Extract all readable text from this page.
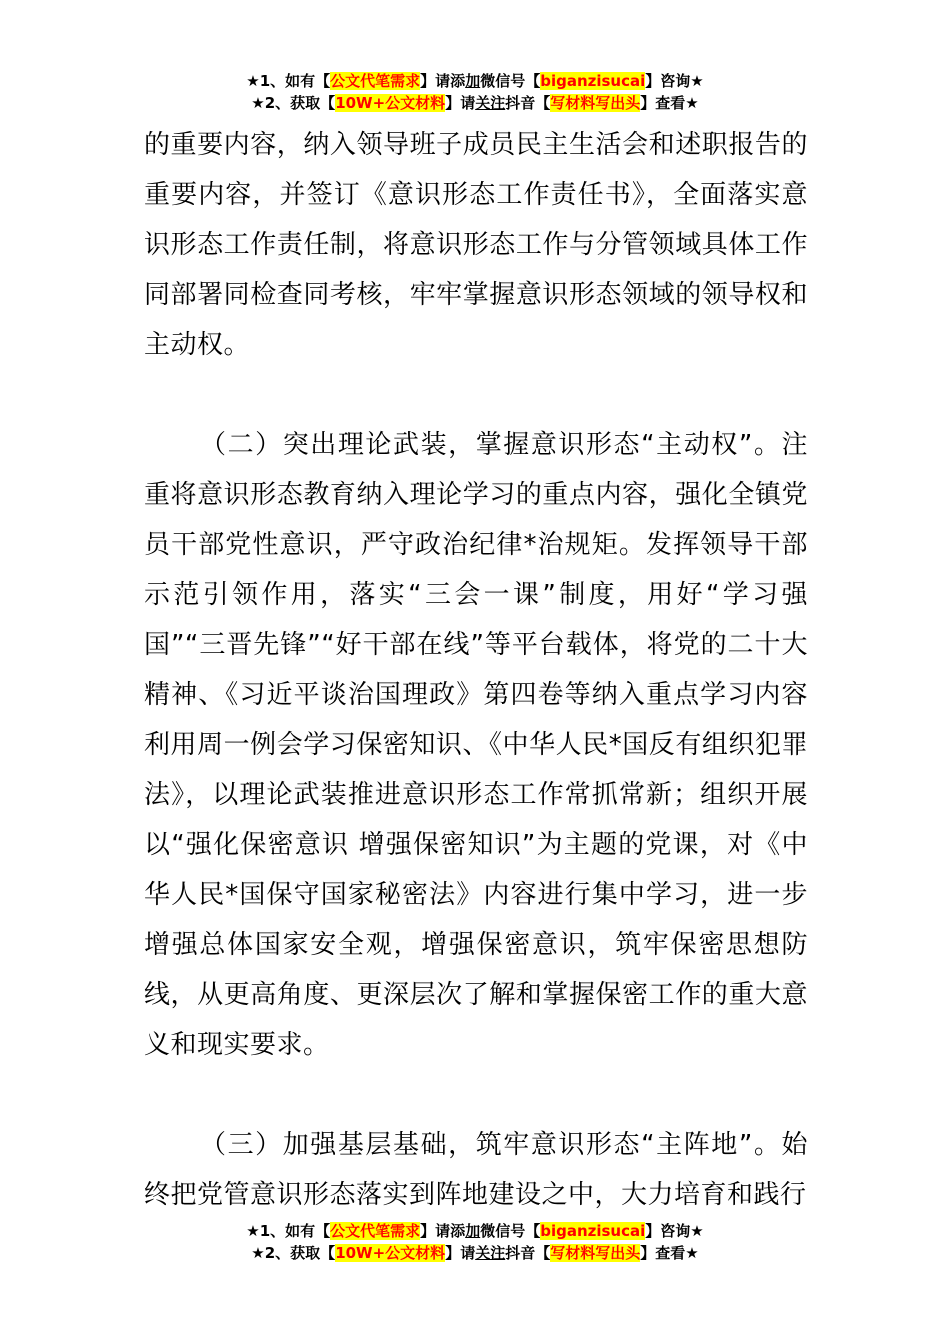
★1、如有【公文代笔需求】请添加微信号【biganzisucai】咨询★
★2、获取【10W+公文材料】请关注抖音【写材料写出头】查看★

的重要内容，纳入领导班子成员民主生活会和述职报告的重要内容，并签订《意识形态工作责任书》，全面落实意识形态工作责任制，将意识形态工作与分管领域具体工作同部署同检查同考核，牢牢掌握意识形态领域的领导权和主动权。

（二）突出理论武装，掌握意识形态“主动权”。注重将意识形态教育纳入理论学习的重点内容，强化全镇党员干部党性意识，严守政治纪律*治规矩。发挥领导干部示范引领作用，落实“三会一课”制度，用好“学习强国”“三晋先锋”“好干部在线”等平台载体，将党的二十大精神、《习近平谈治国理政》第四卷等纳入重点学习内容利用周一例会学习保密知识、《中华人民*国反有组织犯罪法》，以理论武装推进意识形态工作常抓常新；组织开展以“强化保密意识 增强保密知识”为主题的党课，对《中华人民*国保守国家秘密法》内容进行集中学习，进一步增强总体国家安全观，增强保密意识，筑牢保密思想防线，从更高角度、更深层次了解和掌握保密工作的重大意义和现实要求。

（三）加强基层基础，筑牢意识形态“主阵地”。始终把党管意识形态落实到阵地建设之中，大力培育和践行

★1、如有【公文代笔需求】请添加微信号【biganzisucai】咨询★
★2、获取【10W+公文材料】请关注抖音【写材料写出头】查看★
